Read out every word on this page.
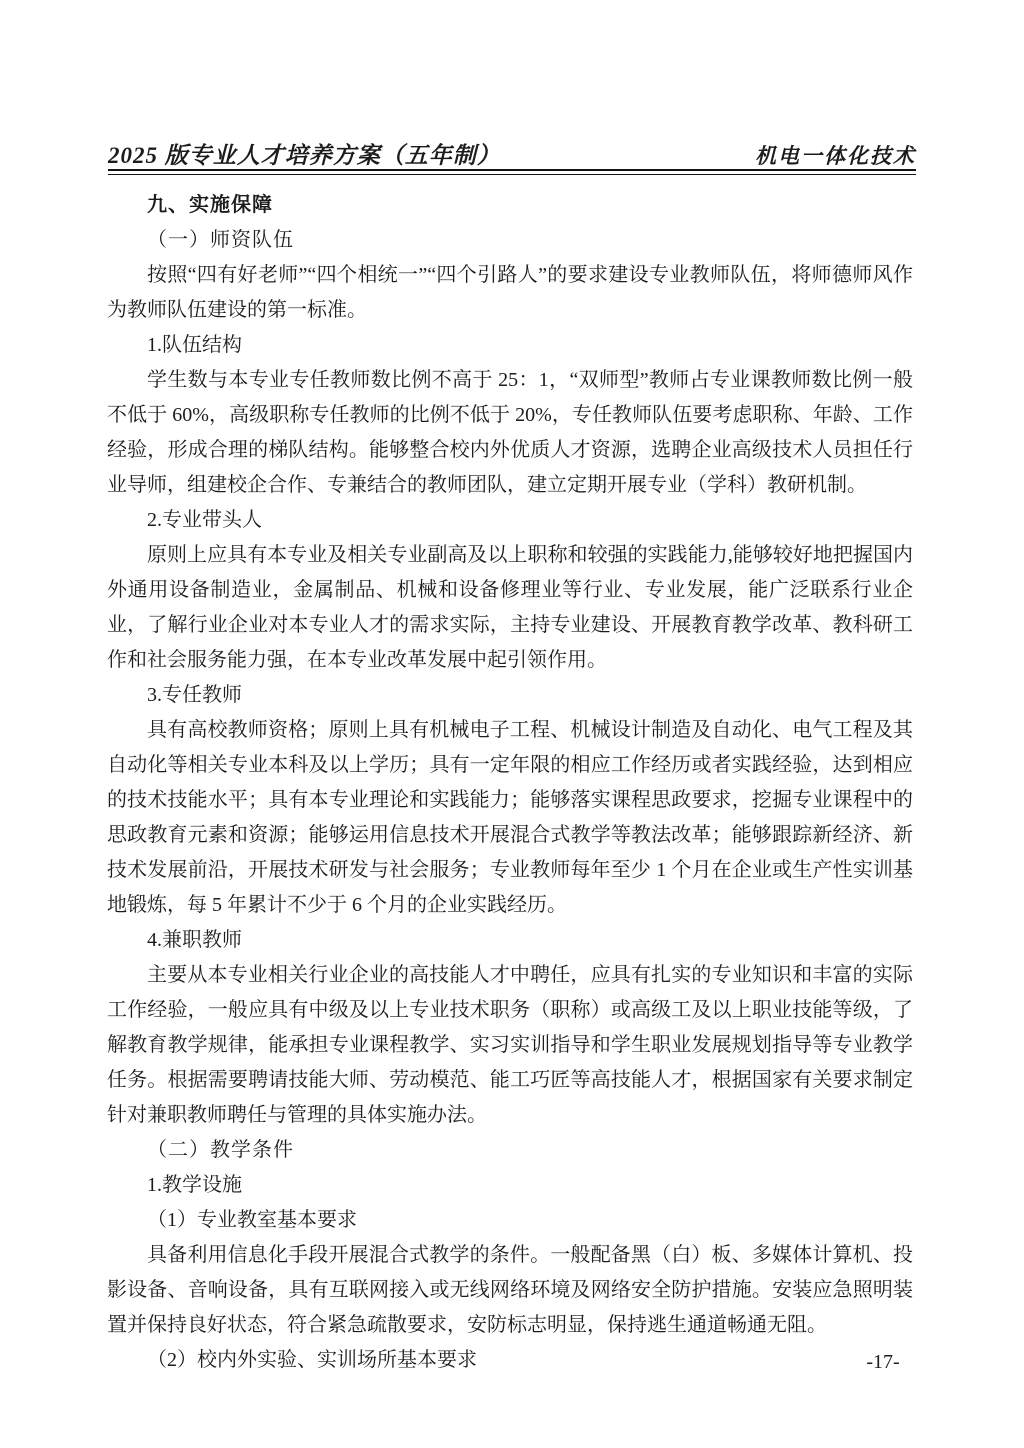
2025 版专业人才培养方案（五年制）	机电一体化技术

九、实施保障

（一）师资队伍

按照“四有好老师”“四个相统一”“四个引路人”的要求建设专业教师队伍，将师德师风作为教师队伍建设的第一标准。

1.队伍结构

学生数与本专业专任教师数比例不高于 25：1，“双师型”教师占专业课教师数比例一般不低于 60%，高级职称专任教师的比例不低于 20%，专任教师队伍要考虑职称、年龄、工作经验，形成合理的梯队结构。能够整合校内外优质人才资源，选聘企业高级技术人员担任行业导师，组建校企合作、专兼结合的教师团队，建立定期开展专业（学科）教研机制。

2.专业带头人

原则上应具有本专业及相关专业副高及以上职称和较强的实践能力,能够较好地把握国内外通用设备制造业，金属制品、机械和设备修理业等行业、专业发展，能广泛联系行业企业，了解行业企业对本专业人才的需求实际，主持专业建设、开展教育教学改革、教科研工作和社会服务能力强，在本专业改革发展中起引领作用。

3.专任教师

具有高校教师资格；原则上具有机械电子工程、机械设计制造及自动化、电气工程及其自动化等相关专业本科及以上学历；具有一定年限的相应工作经历或者实践经验，达到相应的技术技能水平；具有本专业理论和实践能力；能够落实课程思政要求，挖掘专业课程中的思政教育元素和资源；能够运用信息技术开展混合式教学等教法改革；能够跟踪新经济、新技术发展前沿，开展技术研发与社会服务；专业教师每年至少 1 个月在企业或生产性实训基地锻炼，每 5 年累计不少于 6 个月的企业实践经历。

4.兼职教师

主要从本专业相关行业企业的高技能人才中聘任，应具有扎实的专业知识和丰富的实际工作经验，一般应具有中级及以上专业技术职务（职称）或高级工及以上职业技能等级，了解教育教学规律，能承担专业课程教学、实习实训指导和学生职业发展规划指导等专业教学任务。根据需要聘请技能大师、劳动模范、能工巧匠等高技能人才，根据国家有关要求制定针对兼职教师聘任与管理的具体实施办法。

（二）教学条件

1.教学设施

（1）专业教室基本要求

具备利用信息化手段开展混合式教学的条件。一般配备黑（白）板、多媒体计算机、投影设备、音响设备，具有互联网接入或无线网络环境及网络安全防护措施。安装应急照明装置并保持良好状态，符合紧急疏散要求，安防标志明显，保持逃生通道畅通无阻。

（2）校内外实验、实训场所基本要求	-17-
